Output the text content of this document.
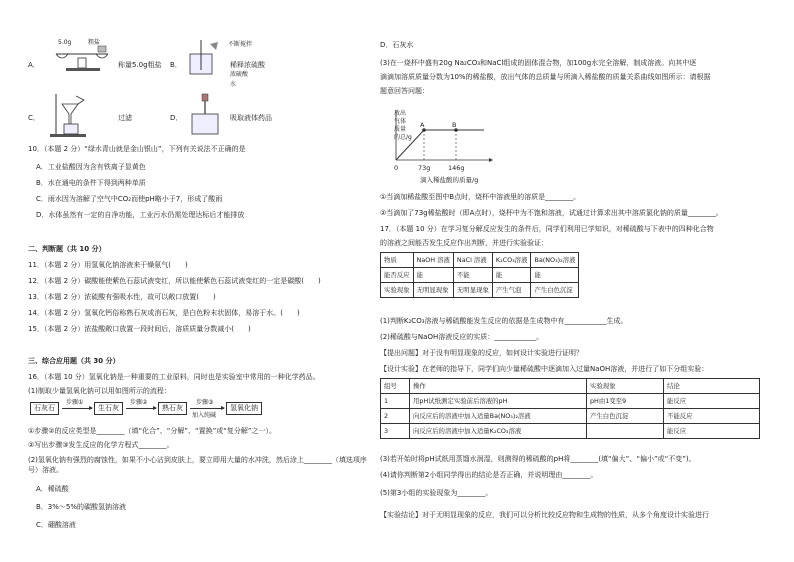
A．
5.0g	粗盐
称量5.0g粗盐 B．
不断搅拌
稀释浓硫酸
浓硫酸
水
C．	过滤	D．	吸取液体药品
10．（本题 2 分）“绿水青山就是金山银山”，下列有关说法不正确的是
A．工业盐酸因为含有铁离子显黄色
B．水在通电的条件下得到两种单质
C．雨水因为溶解了空气中CO₂而使pH略小于7，形成了酸雨
D．水体虽然有一定的自净功能，工业污水仍需处理达标后才能排放
二、判断题（共 10 分）
11．（本题 2 分）用氢氧化钠溶液来干燥氨气(　　)
12．（本题 2 分）碳酸能使紫色石蕊试液变红，所以能使紫色石蕊试液变红的一定是碳酸(　　)
13．（本题 2 分）浓硫酸有强吸水性，故可以敞口放置(　　)
14．（本题 2 分）氢氧化钙俗称熟石灰或消石灰，是白色粉末状固体，易溶于水。(　　)
15．（本题 2 分）浓盐酸敞口放置一段时间后，溶质质量分数减小(　　)
三、综合应用题（共 30 分）
16．（本题 10 分）氢氧化钠是一种重要的工业原料，同时也是实验室中常用的一种化学药品。
(1)制取少量氢氧化钠可以用如图所示的流程：
石灰石
步骤①
生石灰
步骤②
熟石灰
步骤③
加入纯碱
氢氧化钠
①步骤②的反应类型是________（填“化合”、“分解”、“置换”或“复分解”之一）。
②写出步骤③发生反应的化学方程式________。
(2)氢氧化钠有强烈的腐蚀性，如果不小心沾到皮肤上，要立即用大量的水冲洗，然后涂上________（填选项序号）溶液。
A．稀硫酸
B．3%～5%的碳酸氢钠溶液
C．硼酸溶液
D．石灰水
(3)在一烧杯中盛有20g Na₂CO₃和NaCl组成的固体混合物，加100g水完全溶解，制成溶液。向其中逐
滴滴加溶质质量分数为10%的稀盐酸，放出气体的总质量与所滴入稀盐酸的质量关系曲线如图所示：请根据
题意回答问题：
放出
气体
质量
的总/g
A	B
0	73g	146g
滴入稀盐酸的质量/g
①当滴加稀盐酸至图中B点时，烧杯中溶液里的溶质是________。
②当滴加了73g稀盐酸时（即A点时），烧杯中为不饱和溶液，试通过计算求出其中溶质氯化钠的质量________。
17．（本题 10 分）在学习复分解反应发生的条件后，同学们利用已学知识，对稀硫酸与下表中的四种化合物
的溶液之间能否发生反应作出判断，并进行实验验证：
物质	NaOH 溶液	NaCl 溶液	K₂CO₃溶液	Ba(NO₃)₂溶液
能否反应	能	不能	能	能
实验现象	无明显现象	无明显现象	产生气泡	产生白色沉淀
(1)判断K₂CO₃溶液与稀硫酸能发生反应的依据是生成物中有____________生成。
(2)稀硫酸与NaOH溶液反应的实质：____________。
【提出问题】对于没有明显现象的反应，如何设计实验进行证明？
【设计实验】在老师的指导下，同学们向少量稀硫酸中逐滴加入过量NaOH溶液，并进行了如下分组实验：
组号	操作	实验现象	结论
1	用pH试纸测定实验前后溶液的pH	pH由1变至9	能反应
2	向反应后的溶液中加入适量Ba(NO₃)₂溶液	产生白色沉淀	不能反应
3	向反应后的溶液中加入适量K₂CO₃溶液		能反应
(3)若开始时将pH试纸用蒸馏水润湿，则测得的稀硫酸的pH将________(填“偏大”、“偏小”或“不变”)。
(4)请你判断第2小组同学得出的结论是否正确，并说明理由________。
(5)第3小组的实验现象为________。
【实验结论】对于无明显现象的反应，我们可以分析比较反应物和生成物的性质，从多个角度设计实验进行
